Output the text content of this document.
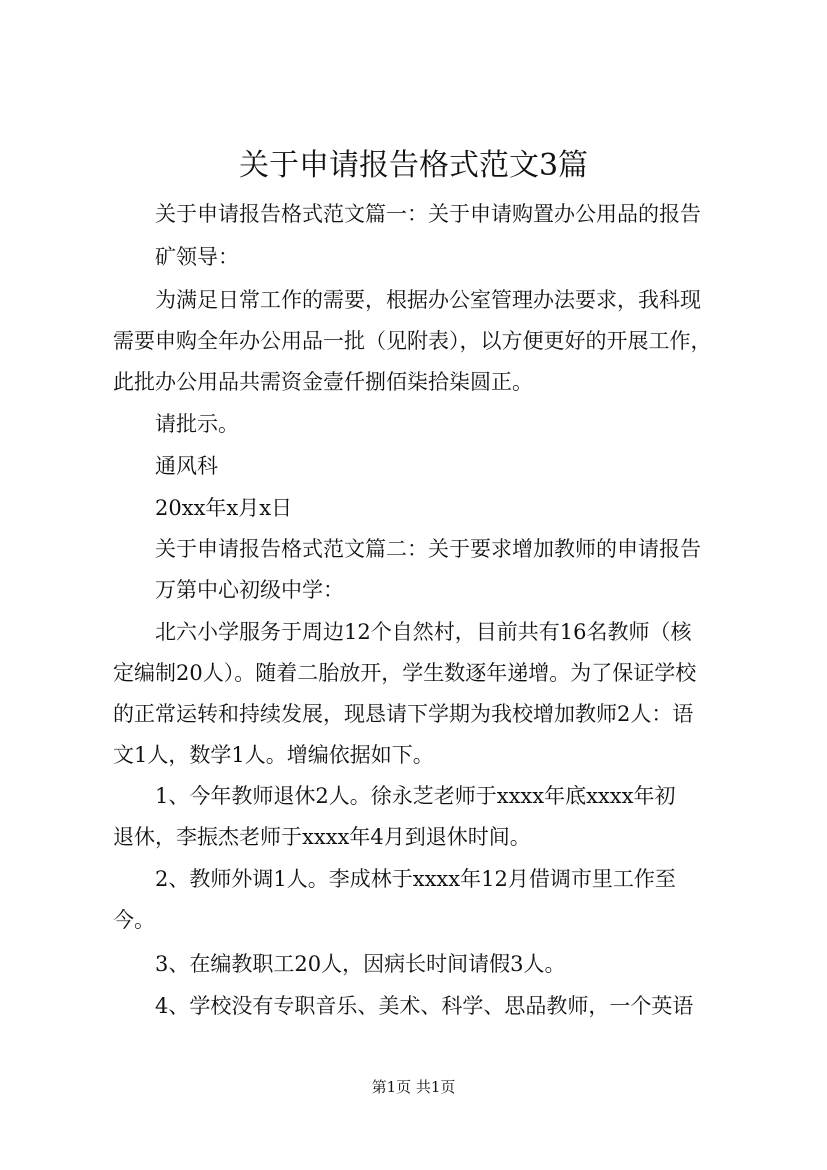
关于申请报告格式范文3篇

关于申请报告格式范文篇一：关于申请购置办公用品的报告

矿领导：

为满足日常工作的需要，根据办公室管理办法要求，我科现

需要申购全年办公用品一批（见附表），以方便更好的开展工作，

此批办公用品共需资金壹仟捌佰柒拾柒圆正。

请批示。

通风科

20xx年x月x日

关于申请报告格式范文篇二：关于要求增加教师的申请报告

万第中心初级中学：

北六小学服务于周边12个自然村，目前共有16名教师（核

定编制20人）。随着二胎放开，学生数逐年递增。为了保证学校

的正常运转和持续发展，现恳请下学期为我校增加教师2人：语

文1人，数学1人。增编依据如下。

1、今年教师退休2人。徐永芝老师于xxxx年底xxxx年初

退休，李振杰老师于xxxx年4月到退休时间。

2、教师外调1人。李成林于xxxx年12月借调市里工作至

今。

3、在编教职工20人，因病长时间请假3人。

4、学校没有专职音乐、美术、科学、思品教师，一个英语

第1页 共1页
